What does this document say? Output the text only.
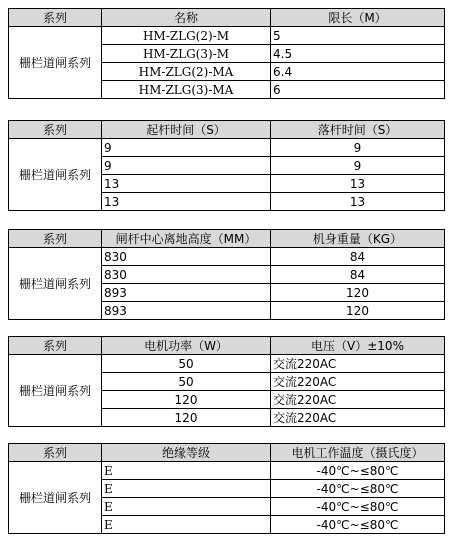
系列	名称	限长（M）
栅栏道闸系列	HM-ZLG(2)-M	5
	HM-ZLG(3)-M	4.5
	HM-ZLG(2)-MA	6.4
	HM-ZLG(3)-MA	6
系列	起杆时间（S）	落杆时间（S）
栅栏道闸系列	9	9
	9	9
	13	13
	13	13
系列	闸杆中心离地高度（MM）	机身重量（KG）
栅栏道闸系列	830	84
	830	84
	893	120
	893	120
系列	电机功率（W）	电压（V）±10%
栅栏道闸系列	50	交流220AC
	50	交流220AC
	120	交流220AC
	120	交流220AC
系列	绝缘等级	电机工作温度（摄氏度）
栅栏道闸系列	E	-40℃~≤80℃
	E	-40℃~≤80℃
	E	-40℃~≤80℃
	E	-40℃~≤80℃
